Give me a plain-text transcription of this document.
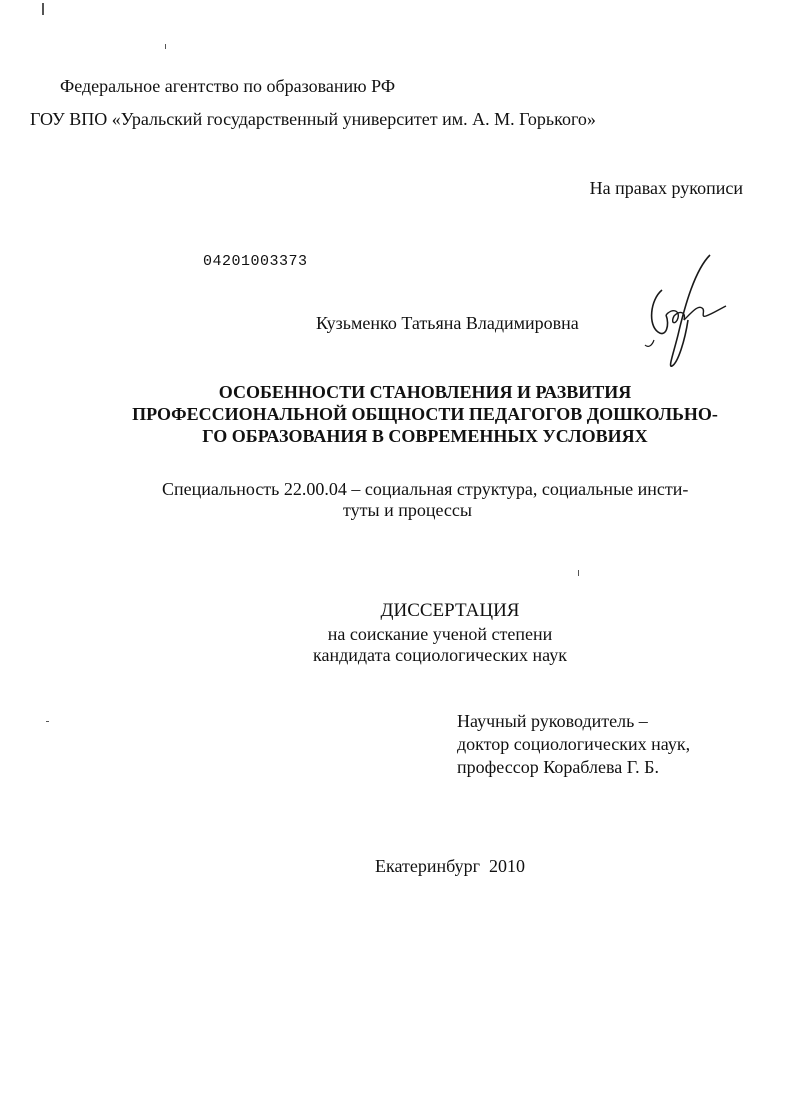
Федеральное агентство по образованию РФ
ГОУ ВПО «Уральский государственный университет им. А. М. Горького»
На правах рукописи
04201003373
Кузьменко Татьяна Владимировна
ОСОБЕННОСТИ СТАНОВЛЕНИЯ И РАЗВИТИЯ
ПРОФЕССИОНАЛЬНОЙ ОБЩНОСТИ ПЕДАГОГОВ ДОШКОЛЬНО-
ГО ОБРАЗОВАНИЯ В СОВРЕМЕННЫХ УСЛОВИЯХ
Специальность 22.00.04 – социальная структура, социальные инсти-
туты и процессы
ДИССЕРТАЦИЯ
на соискание ученой степени
кандидата социологических наук
Научный руководитель –
доктор социологических наук,
профессор Кораблева Г. Б.
Екатеринбург  2010
